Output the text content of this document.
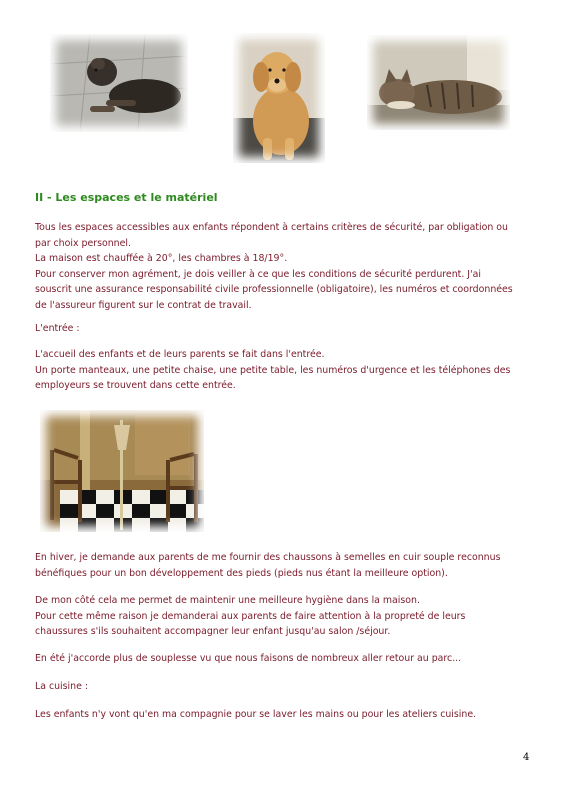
II - Les espaces et le matériel
Tous les espaces accessibles aux enfants répondent à certains critères de sécurité, par obligation ou
par choix personnel.
La maison est chauffée à 20°, les chambres à 18/19°.
Pour conserver mon agrément, je dois veiller à ce que les conditions de sécurité perdurent. J'ai
souscrit une assurance responsabilité civile professionnelle (obligatoire), les numéros et coordonnées
de l'assureur figurent sur le contrat de travail.
L'entrée :
L'accueil des enfants et de leurs parents se fait dans l'entrée.
Un porte manteaux, une petite chaise, une petite table, les numéros d'urgence et les téléphones des
employeurs se trouvent dans cette entrée.
En hiver, je demande aux parents de me fournir des chaussons à semelles en cuir souple reconnus
bénéfiques pour un bon développement des pieds (pieds nus étant la meilleure option).
De mon côté cela me permet de maintenir une meilleure hygiène dans la maison.
Pour cette même raison je demanderai aux parents de faire attention à la propreté de leurs
chaussures s'ils souhaitent accompagner leur enfant jusqu'au salon /séjour.
En été j'accorde plus de souplesse vu que nous faisons de nombreux aller retour au parc...
La cuisine :
Les enfants n'y vont qu'en ma compagnie pour se laver les mains ou pour les ateliers cuisine.
4
